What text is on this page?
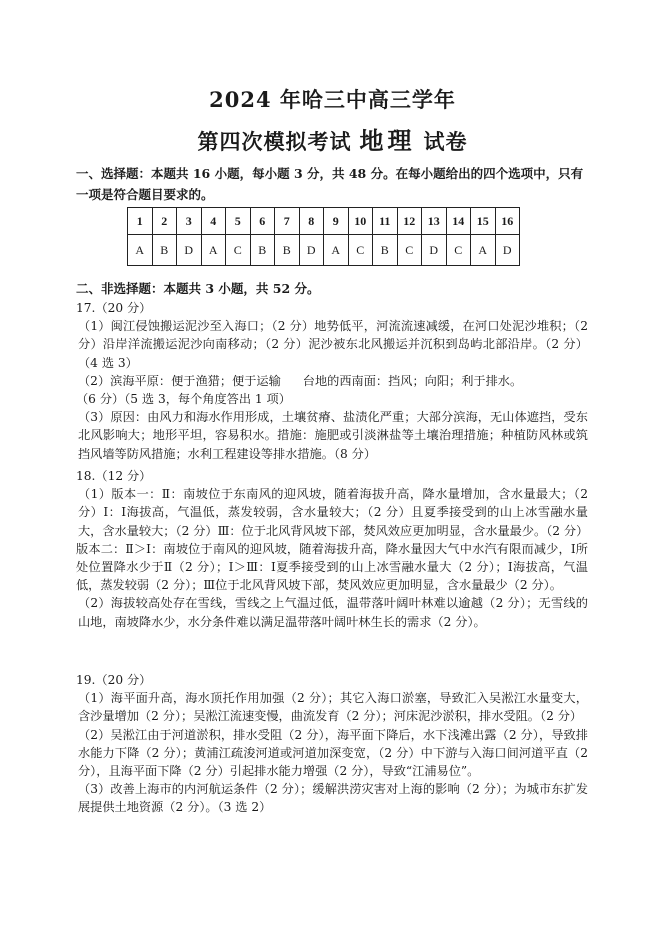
2024 年哈三中高三学年
第四次模拟考试 地理 试卷
一、选择题：本题共 16 小题，每小题 3 分，共 48 分。在每小题给出的四个选项中，只有一项是符合题目要求的。
1	2	3	4	5	6	7	8	9	10	11	12	13	14	15	16
A	B	D	A	C	B	B	D	A	C	B	C	D	C	A	D
二、非选择题：本题共 3 小题，共 52 分。

17.（20 分）

（1）闽江侵蚀搬运泥沙至入海口；（2 分）地势低平，河流流速减缓，在河口处泥沙堆积；（2 分）沿岸洋流搬运泥沙向南移动；（2 分）泥沙被东北风搬运并沉积到岛屿北部沿岸。（2 分）（4 选 3）

（2）滨海平原：便于渔猎；便于运输 台地的西南面：挡风；向阳；利于排水。

（6 分）（5 选 3，每个角度答出 1 项）

（3）原因：由风力和海水作用形成，土壤贫瘠、盐渍化严重；大部分滨海，无山体遮挡，受东北风影响大；地形平坦，容易积水。措施：施肥或引淡淋盐等土壤治理措施；种植防风林或筑挡风墙等防风措施；水利工程建设等排水措施。（8 分）

18.（12 分）

（1）版本一：Ⅱ：南坡位于东南风的迎风坡，随着海拔升高，降水量增加，含水量最大；（2 分）Ⅰ：Ⅰ海拔高，气温低，蒸发较弱，含水量较大；（2 分）且夏季接受到的山上冰雪融水量大，含水量较大；（2 分）Ⅲ：位于北风背风坡下部，焚风效应更加明显，含水量最少。（2 分）

版本二：Ⅱ＞Ⅰ：南坡位于南风的迎风坡，随着海拔升高，降水量因大气中水汽有限而减少，Ⅰ所处位置降水少于Ⅱ（2 分）；Ⅰ＞Ⅲ：Ⅰ夏季接受到的山上冰雪融水量大（2 分）；Ⅰ海拔高，气温低，蒸发较弱（2 分）；Ⅲ位于北风背风坡下部，焚风效应更加明显，含水量最少（2 分）。

（2）海拔较高处存在雪线，雪线之上气温过低，温带落叶阔叶林难以逾越（2 分）；无雪线的山地，南坡降水少，水分条件难以满足温带落叶阔叶林生长的需求（2 分）。

19.（20 分）

（1）海平面升高，海水顶托作用加强（2 分）；其它入海口淤塞，导致汇入吴淞江水量变大，含沙量增加（2 分）；吴淞江流速变慢，曲流发育（2 分）；河床泥沙淤积，排水受阻。（2 分）

（2）吴淞江由于河道淤积，排水受阻（2 分），海平面下降后，水下浅滩出露（2 分），导致排水能力下降（2 分）；黄浦江疏浚河道或河道加深变宽，（2 分）中下游与入海口间河道平直（2 分），且海平面下降（2 分）引起排水能力增强（2 分），导致“江浦易位”。

（3）改善上海市的内河航运条件（2 分）；缓解洪涝灾害对上海的影响（2 分）；为城市东扩发展提供土地资源（2 分）。（3 选 2）
